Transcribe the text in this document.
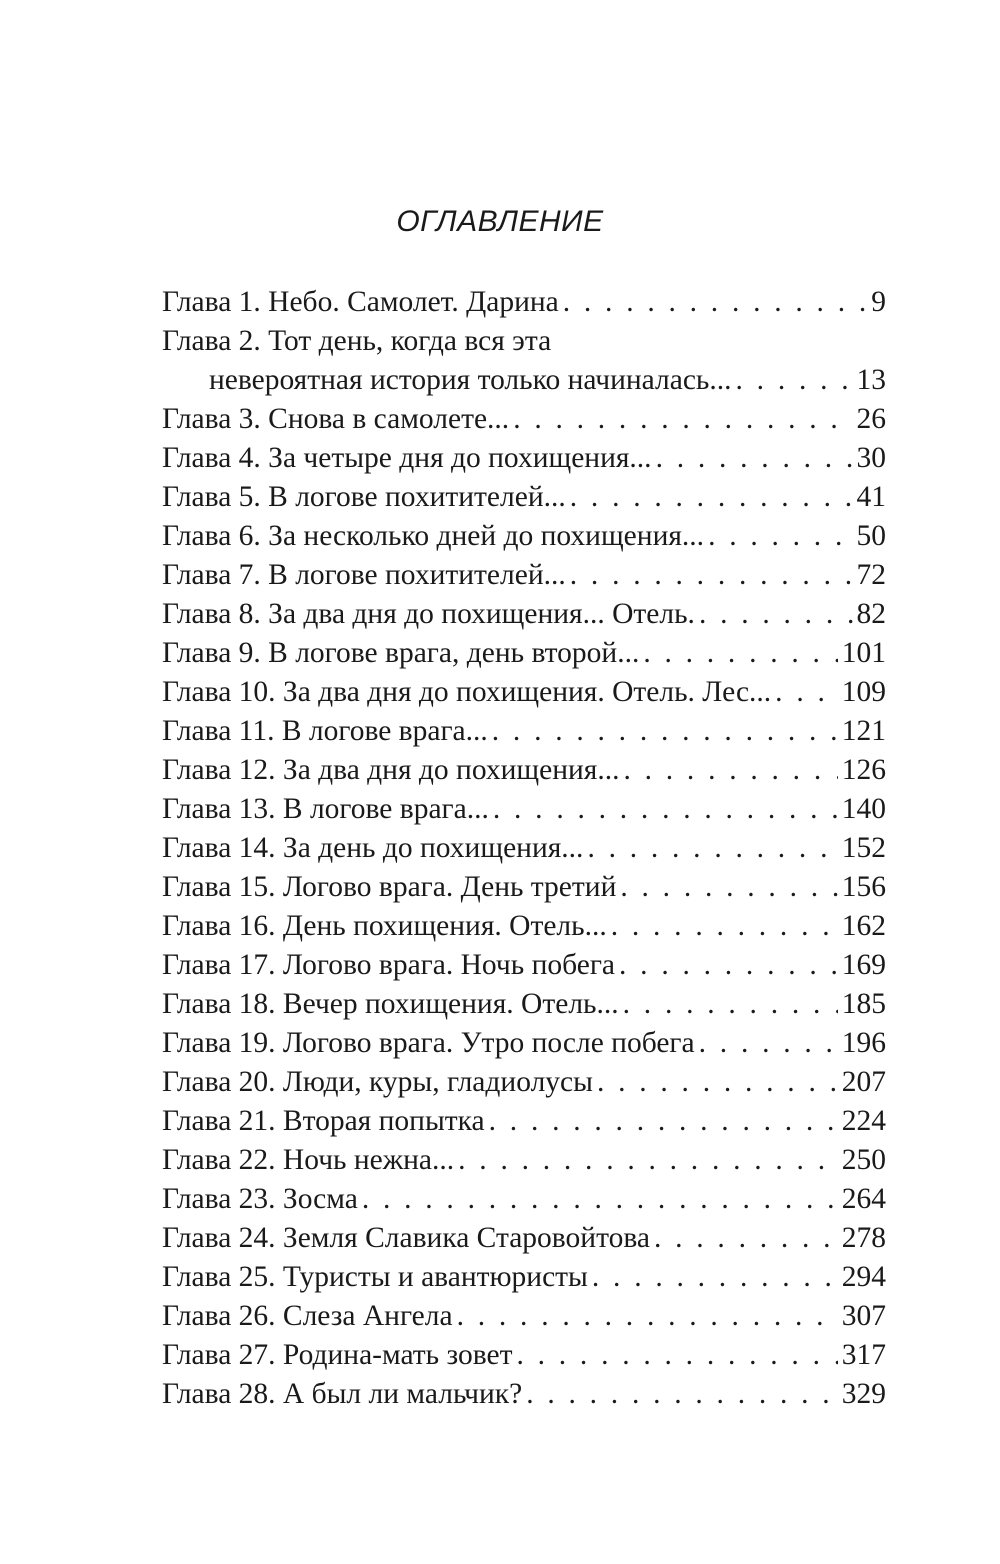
ОГЛАВЛЕНИЕ
Глава 1. Небо. Самолет. Дарина . . .	9
Глава 2. Тот день, когда вся эта
невероятная история только начиналась... . . .	13
Глава 3. Снова в самолете... . . .	26
Глава 4. За четыре дня до похищения... . . .	30
Глава 5. В логове похитителей... . . .	41
Глава 6. За несколько дней до похищения... . . .	50
Глава 7. В логове похитителей... . . .	72
Глава 8. За два дня до похищения... Отель. . . .	82
Глава 9. В логове врага, день второй... . . .	101
Глава 10. За два дня до похищения. Отель. Лес... . . . 109
Глава 11. В логове врага... . . .	121
Глава 12. За два дня до похищения... . . .	126
Глава 13. В логове врага... . . .	140
Глава 14. За день до похищения... . . .	152
Глава 15. Логово врага. День третий . . .	156
Глава 16. День похищения. Отель... . . .	162
Глава 17. Логово врага. Ночь побега . . .	169
Глава 18. Вечер похищения. Отель... . . .	185
Глава 19. Логово врага. Утро после побега . . .	196
Глава 20. Люди, куры, гладиолусы . . .	207
Глава 21. Вторая попытка . . .	224
Глава 22. Ночь нежна... . . .	250
Глава 23. Зосма . . .	264
Глава 24. Земля Славика Старовойтова . . .	278
Глава 25. Туристы и авантюристы . . .	294
Глава 26. Слеза Ангела . . .	307
Глава 27. Родина-мать зовет . . .	317
Глава 28. А был ли мальчик? . . .	329
